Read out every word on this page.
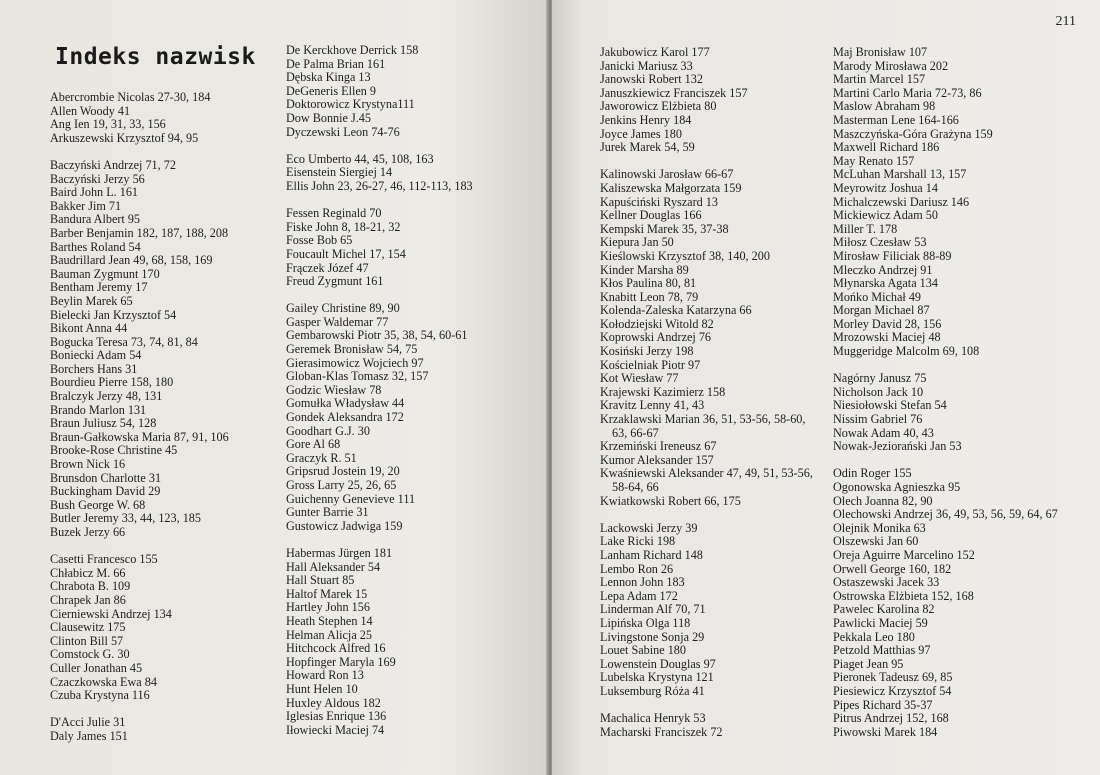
Indeks nazwisk
Abercrombie Nicolas 27-30, 184
Allen Woody 41
Ang Ien 19, 31, 33, 156
Arkuszewski Krzysztof 94, 95
Baczyński Andrzej 71, 72
Baczyński Jerzy 56
Baird John L. 161
Bakker Jim 71
Bandura Albert 95
Barber Benjamin 182, 187, 188, 208
Barthes Roland 54
Baudrillard Jean 49, 68, 158, 169
Bauman Zygmunt 170
Bentham Jeremy 17
Beylin Marek 65
Bielecki Jan Krzysztof 54
Bikont Anna 44
Bogucka Teresa 73, 74, 81, 84
Boniecki Adam 54
Borchers Hans 31
Bourdieu Pierre 158, 180
Bralczyk Jerzy 48, 131
Brando Marlon 131
Braun Juliusz 54, 128
Braun-Gałkowska Maria 87, 91, 106
Brooke-Rose Christine 45
Brown Nick 16
Brunsdon Charlotte 31
Buckingham David 29
Bush George W. 68
Butler Jeremy 33, 44, 123, 185
Buzek Jerzy 66
Casetti Francesco 155
Chłabicz M. 66
Chrabota B. 109
Chrapek Jan 86
Cierniewski Andrzej 134
Clausewitz 175
Clinton Bill 57
Comstock G. 30
Culler Jonathan 45
Czaczkowska Ewa 84
Czuba Krystyna 116
D'Acci Julie 31
Daly James 151
De Kerckhove Derrick 158
De Palma Brian 161
Dębska Kinga 13
DeGeneris Ellen 9
Doktorowicz Krystyna111
Dow Bonnie J.45
Dyczewski Leon 74-76
Eco Umberto 44, 45, 108, 163
Eisenstein Siergiej 14
Ellis John 23, 26-27, 46, 112-113, 183
Fessen Reginald 70
Fiske John 8, 18-21, 32
Fosse Bob 65
Foucault Michel 17, 154
Frączek Józef 47
Freud Zygmunt 161
Gailey Christine 89, 90
Gasper Waldemar 77
Gembarowski Piotr 35, 38, 54, 60-61
Geremek Bronisław 54, 75
Gierasimowicz Wojciech 97
Globan-Klas Tomasz 32, 157
Godzic Wiesław 78
Gomułka Władysław 44
Gondek Aleksandra 172
Goodhart G.J. 30
Gore Al 68
Graczyk R. 51
Gripsrud Jostein 19, 20
Gross Larry 25, 26, 65
Guichenny Genevieve 111
Gunter Barrie 31
Gustowicz Jadwiga 159
Habermas Jürgen 181
Hall Aleksander 54
Hall Stuart 85
Haltof Marek 15
Hartley John 156
Heath Stephen 14
Helman Alicja 25
Hitchcock Alfred 16
Hopfinger Maryla 169
Howard Ron 13
Hunt Helen 10
Huxley Aldous 182
Iglesias Enrique 136
Iłowiecki Maciej 74
211
Jakubowicz Karol 177
Janicki Mariusz 33
Janowski Robert 132
Januszkiewicz Franciszek 157
Jaworowicz Elżbieta 80
Jenkins Henry 184
Joyce James 180
Jurek Marek 54, 59
Kalinowski Jarosław 66-67
Kaliszewska Małgorzata 159
Kapuściński Ryszard 13
Kellner Douglas 166
Kempski Marek 35, 37-38
Kiepura Jan 50
Kieślowski Krzysztof 38, 140, 200
Kinder Marsha 89
Kłos Paulina 80, 81
Knabitt Leon 78, 79
Kolenda-Zaleska Katarzyna 66
Kołodziejski Witold 82
Koprowski Andrzej 76
Kosiński Jerzy 198
Kościelniak Piotr 97
Kot Wiesław 77
Krajewski Kazimierz 158
Kravitz Lenny 41, 43
Krzaklawski Marian 36, 51, 53-56, 58-60,
63, 66-67
Krzemiński Ireneusz 67
Kumor Aleksander 157
Kwaśniewski Aleksander 47, 49, 51, 53-56,
58-64, 66
Kwiatkowski Robert 66, 175
Lackowski Jerzy 39
Lake Ricki 198
Lanham Richard 148
Lembo Ron 26
Lennon John 183
Lepa Adam 172
Linderman Alf 70, 71
Lipińska Olga 118
Livingstone Sonja 29
Louet Sabine 180
Lowenstein Douglas 97
Lubelska Krystyna 121
Luksemburg Róża 41
Machalica Henryk 53
Macharski Franciszek 72
Maj Bronisław 107
Marody Mirosława 202
Martin Marcel 157
Martini Carlo Maria 72-73, 86
Maslow Abraham 98
Masterman Lene 164-166
Maszczyńska-Góra Grażyna 159
Maxwell Richard 186
May Renato 157
McLuhan Marshall 13, 157
Meyrowitz Joshua 14
Michalczewski Dariusz 146
Mickiewicz Adam 50
Miller T. 178
Miłosz Czesław 53
Mirosław Filiciak 88-89
Mleczko Andrzej 91
Młynarska Agata 134
Mońko Michał 49
Morgan Michael 87
Morley David 28, 156
Mrozowski Maciej 48
Muggeridge Malcolm 69, 108
Nagórny Janusz 75
Nicholson Jack 10
Niesiołowski Stefan 54
Nissim Gabriel 76
Nowak Adam 40, 43
Nowak-Jeziorański Jan 53
Odin Roger 155
Ogonowska Agnieszka 95
Olech Joanna 82, 90
Olechowski Andrzej 36, 49, 53, 56, 59, 64, 67
Olejnik Monika 63
Olszewski Jan 60
Oreja Aguirre Marcelino 152
Orwell George 160, 182
Ostaszewski Jacek 33
Ostrowska Elżbieta 152, 168
Pawelec Karolina 82
Pawlicki Maciej 59
Pekkala Leo 180
Petzold Matthias 97
Piaget Jean 95
Pieronek Tadeusz 69, 85
Piesiewicz Krzysztof 54
Pipes Richard 35-37
Pitrus Andrzej 152, 168
Piwowski Marek 184
